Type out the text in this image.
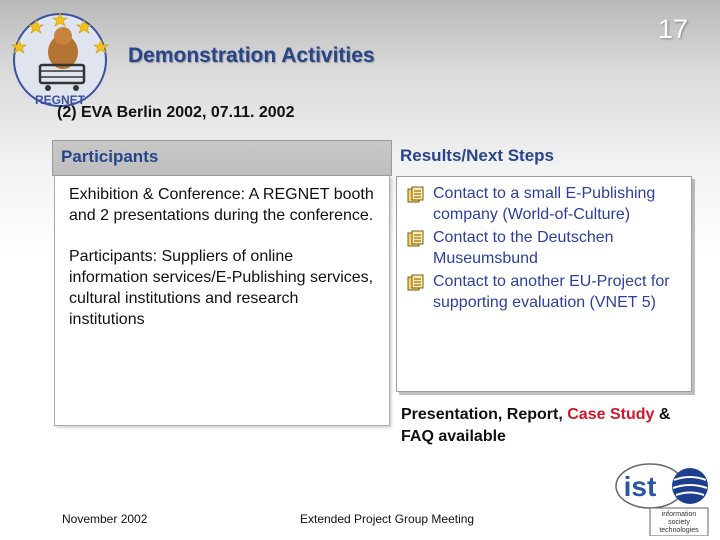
REGNET
17
Demonstration Activities
(2) EVA Berlin 2002, 07.11. 2002
Participants

Exhibition & Conference: A REGNET booth and 2 presentations during the conference.

Participants: Suppliers of online information services/E-Publishing services, cultural institutions and research institutions

Results/Next Steps
Contact to a small E-Publishing company (World-of-Culture)
Contact to the Deutschen Museumsbund
Contact to another EU-Project for supporting evaluation (VNET 5)
Presentation, Report, Case Study & FAQ available
November 2002	Extended Project Group Meeting
ist
information
society
technologies
